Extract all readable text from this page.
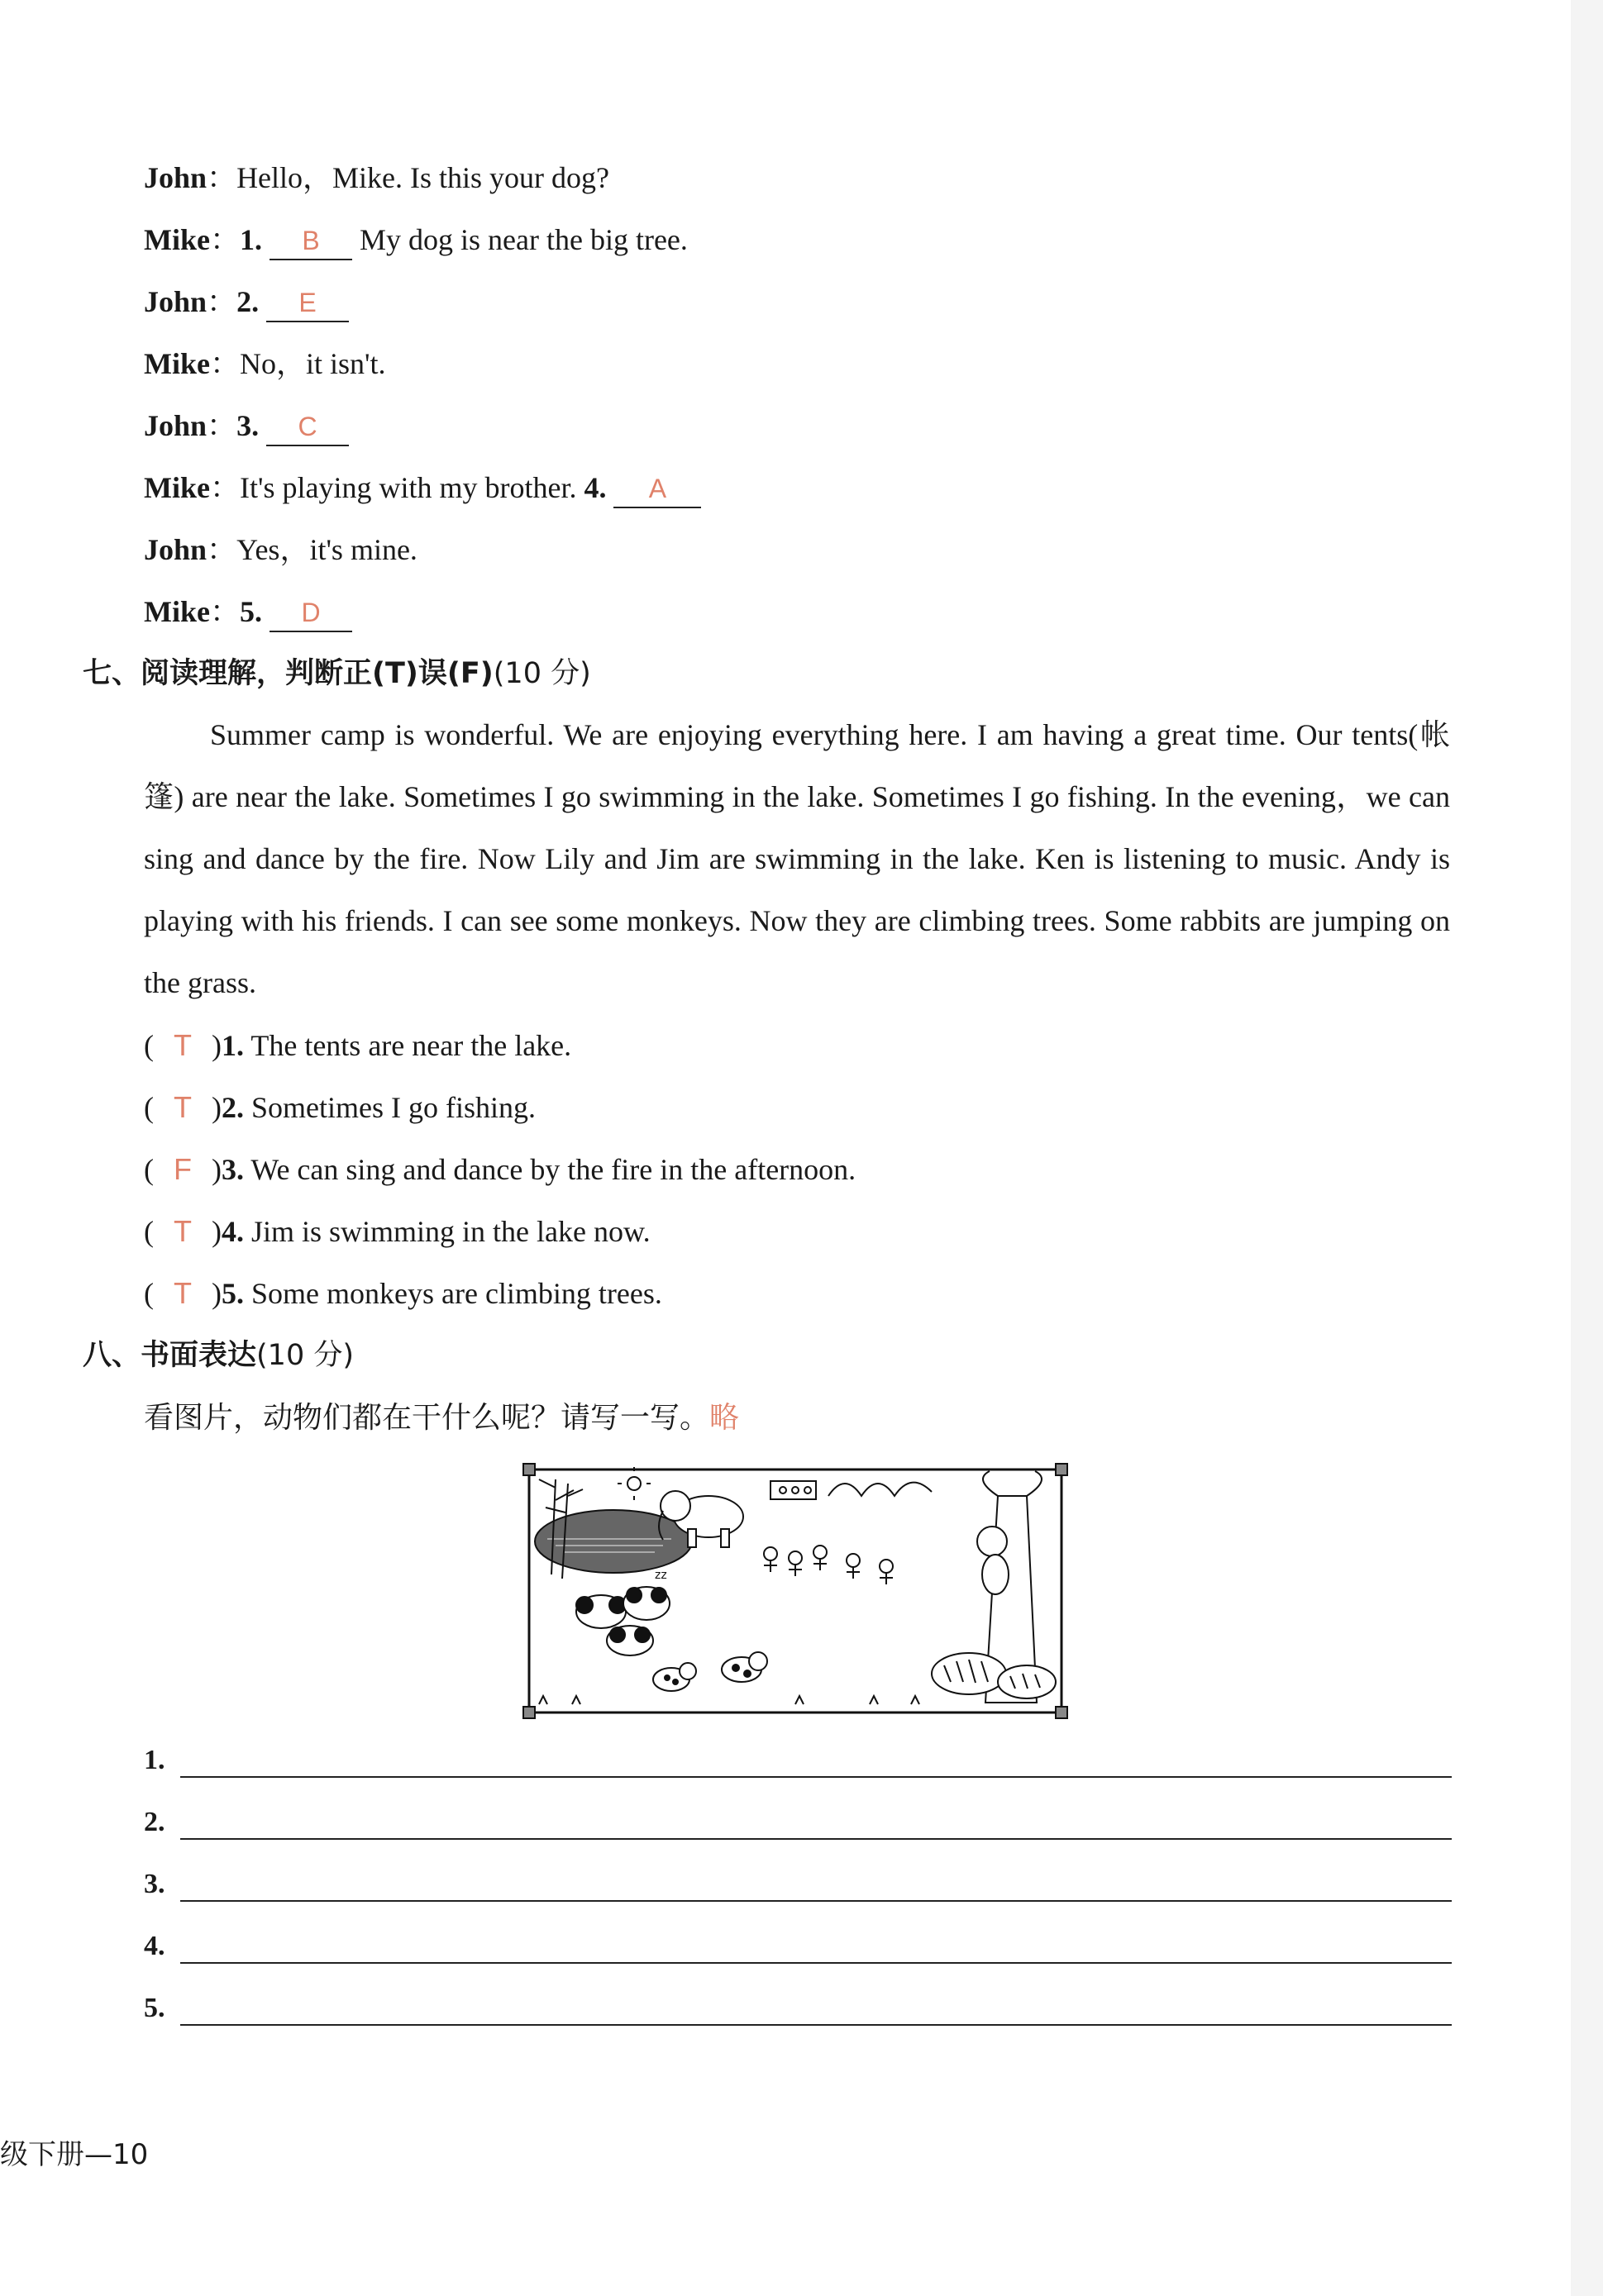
John：Hello，Mike. Is this your dog?
Mike：1. B My dog is near the big tree.
John：2. E
Mike：No，it isn't.
John：3. C
Mike：It's playing with my brother. 4. A
John：Yes，it's mine.
Mike：5. D
七、阅读理解，判断正(T)误(F)(10 分)
Summer camp is wonderful. We are enjoying everything here. I am having a great time. Our tents(帐篷) are near the lake. Sometimes I go swimming in the lake. Sometimes I go fishing. In the evening，we can sing and dance by the fire. Now Lily and Jim are swimming in the lake. Ken is listening to music. Andy is playing with his friends. I can see some monkeys. Now they are climbing trees. Some rabbits are jumping on the grass.
( T )1. The tents are near the lake.
( T )2. Sometimes I go fishing.
( F )3. We can sing and dance by the fire in the afternoon.
( T )4. Jim is swimming in the lake now.
( T )5. Some monkeys are climbing trees.
八、书面表达(10 分)
看图片，动物们都在干什么呢？请写一写。略
zz
1.
2.
3.
4.
5.
级下册—10
